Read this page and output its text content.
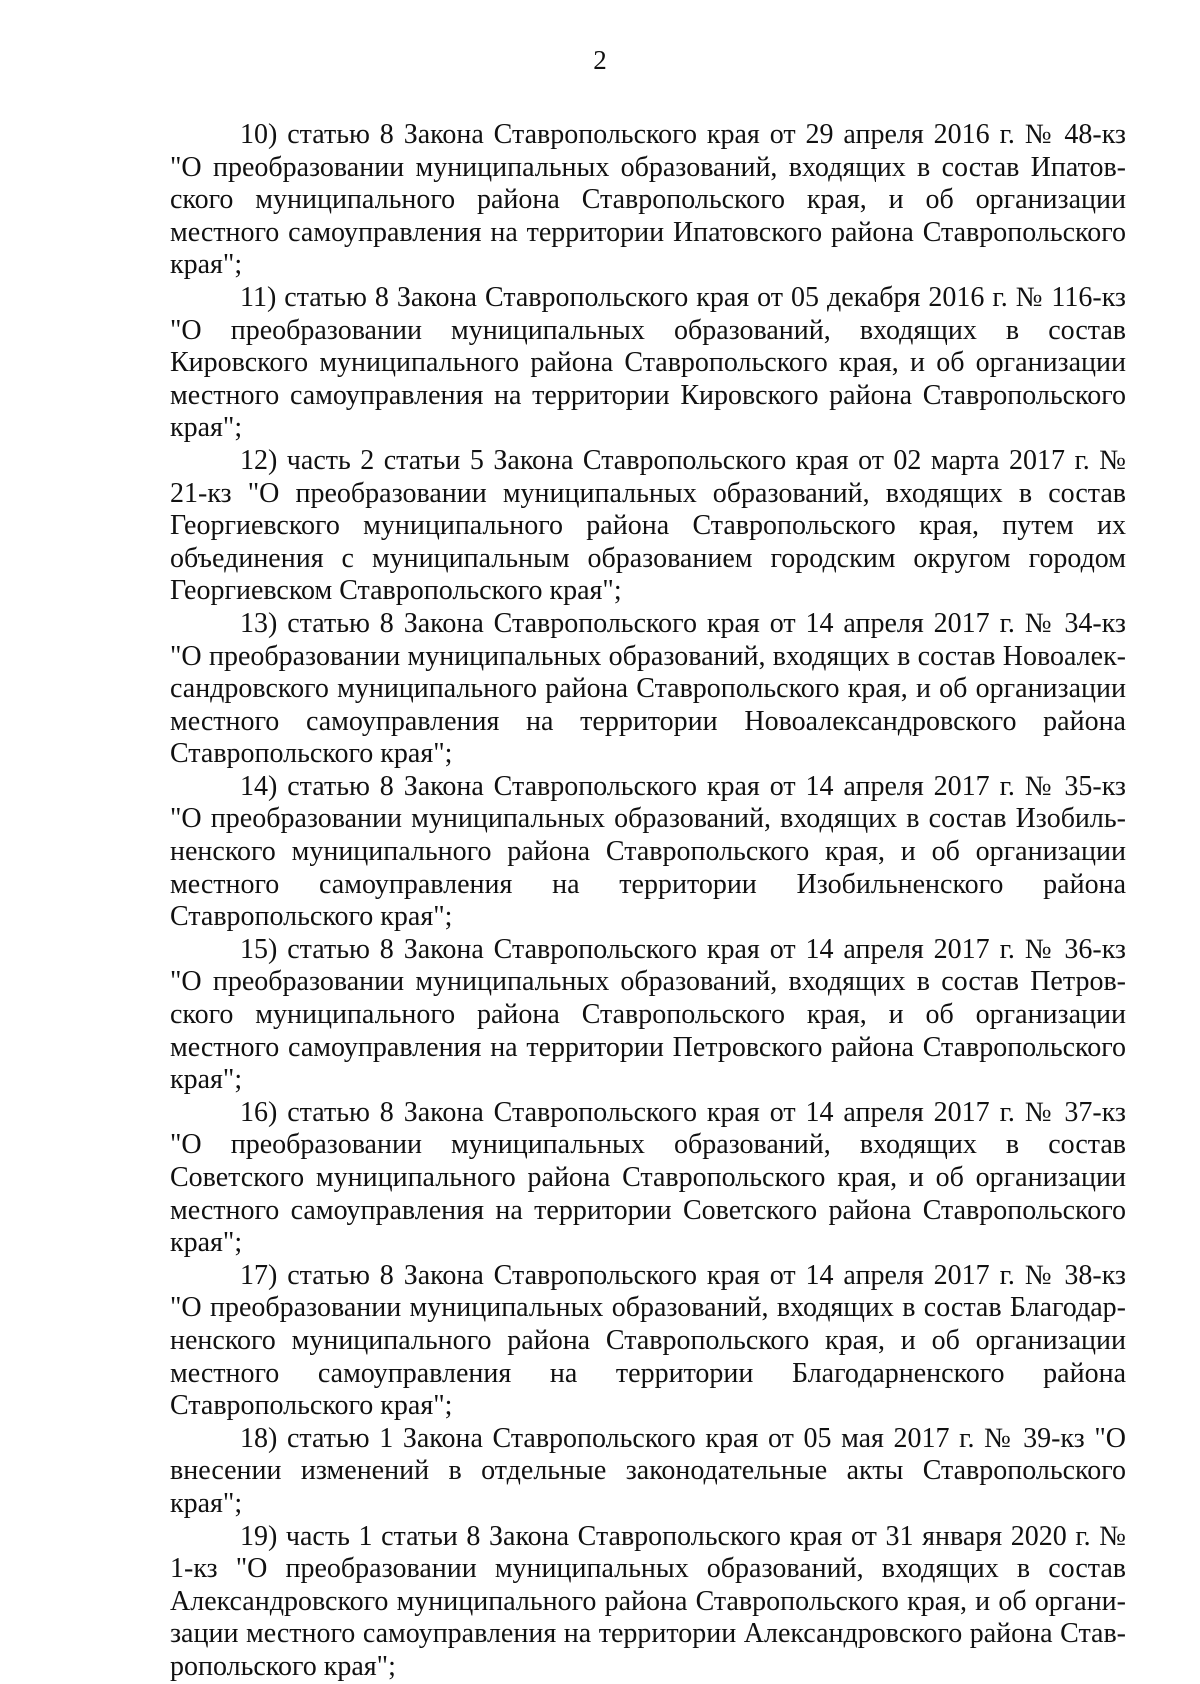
2

10) статью 8 Закона Ставропольского края от 29 апреля 2016 г. № 48-кз "О преобразовании муниципальных образований, входящих в состав Ипатовского муниципального района Ставропольского края, и об организации местного самоуправления на территории Ипатовского района Ставропольского края";

11) статью 8 Закона Ставропольского края от 05 декабря 2016 г. № 116-кз "О преобразовании муниципальных образований, входящих в состав Кировского муниципального района Ставропольского края, и об организации местного самоуправления на территории Кировского района Ставропольского края";

12) часть 2 статьи 5 Закона Ставропольского края от 02 марта 2017 г. № 21-кз "О преобразовании муниципальных образований, входящих в состав Георгиевского муниципального района Ставропольского края, путем их объединения с муниципальным образованием городским округом городом Георгиевском Ставропольского края";

13) статью 8 Закона Ставропольского края от 14 апреля 2017 г. № 34-кз "О преобразовании муниципальных образований, входящих в состав Новоалександровского муниципального района Ставропольского края, и об организации местного самоуправления на территории Новоалександровского района Ставропольского края";

14) статью 8 Закона Ставропольского края от 14 апреля 2017 г. № 35-кз "О преобразовании муниципальных образований, входящих в состав Изобильненского муниципального района Ставропольского края, и об организации местного самоуправления на территории Изобильненского района Ставропольского края";

15) статью 8 Закона Ставропольского края от 14 апреля 2017 г. № 36-кз "О преобразовании муниципальных образований, входящих в состав Петровского муниципального района Ставропольского края, и об организации местного самоуправления на территории Петровского района Ставропольского края";

16) статью 8 Закона Ставропольского края от 14 апреля 2017 г. № 37-кз "О преобразовании муниципальных образований, входящих в состав Советского муниципального района Ставропольского края, и об организации местного самоуправления на территории Советского района Ставропольского края";

17) статью 8 Закона Ставропольского края от 14 апреля 2017 г. № 38-кз "О преобразовании муниципальных образований, входящих в состав Благодарненского муниципального района Ставропольского края, и об организации местного самоуправления на территории Благодарненского района Ставропольского края";

18) статью 1 Закона Ставропольского края от 05 мая 2017 г. № 39-кз "О внесении изменений в отдельные законодательные акты Ставропольского края";

19) часть 1 статьи 8 Закона Ставропольского края от 31 января 2020 г. № 1-кз "О преобразовании муниципальных образований, входящих в состав Александровского муниципального района Ставропольского края, и об организации местного самоуправления на территории Александровского района Ставропольского края";
